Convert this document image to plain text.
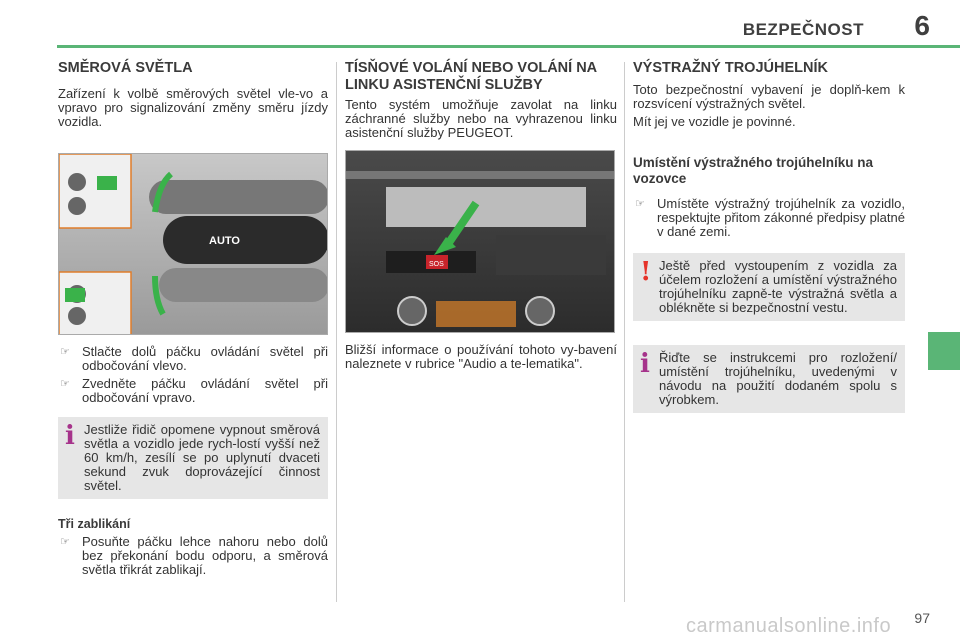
BEZPEČNOST 6
SMĚROVÁ SVĚTLA

Zařízení k volbě směrových světel vle-vo a vpravo pro signalizování změny směru jízdy vozidla.

AUTO
☞ Stlačte dolů páčku ovládání světel při odbočování vlevo.
☞ Zvedněte páčku ovládání světel při odbočování vpravo.
i Jestliže řidič opomene vypnout směrová světla a vozidlo jede rych-lostí vyšší než 60 km/h, zesílí se po uplynutí dvaceti sekund zvuk doprovázející činnost světel.
Tři zablikání
☞ Posuňte páčku lehce nahoru nebo dolů bez překonání bodu odporu, a směrová světla třikrát zablikají.
TÍSŇOVÉ VOLÁNÍ NEBO VOLÁNÍ NA LINKU ASISTENČNÍ SLUŽBY

Tento systém umožňuje zavolat na linku záchranné služby nebo na vyhrazenou linku asistenční služby PEUGEOT.

SOS

Bližší informace o používání tohoto vy-bavení naleznete v rubrice "Audio a te-lematika".

VÝSTRAŽNÝ TROJÚHELNÍK

Toto bezpečnostní vybavení je doplň-kem k rozsvícení výstražných světel.

Mít jej ve vozidle je povinné.

Umístění výstražného trojúhelníku na vozovce
☞ Umístěte výstražný trojúhelník za vozidlo, respektujte přitom zákonné předpisy platné v dané zemi.
! Ještě před vystoupením z vozidla za účelem rozložení a umístění výstražného trojúhelníku zapně-te výstražná světla a oblékněte si bezpečnostní vestu.
i Řiďte se instrukcemi pro rozložení/ umístění trojúhelníku, uvedenými v návodu na použití dodaném spolu s výrobkem.
97
carmanualsonline.info
